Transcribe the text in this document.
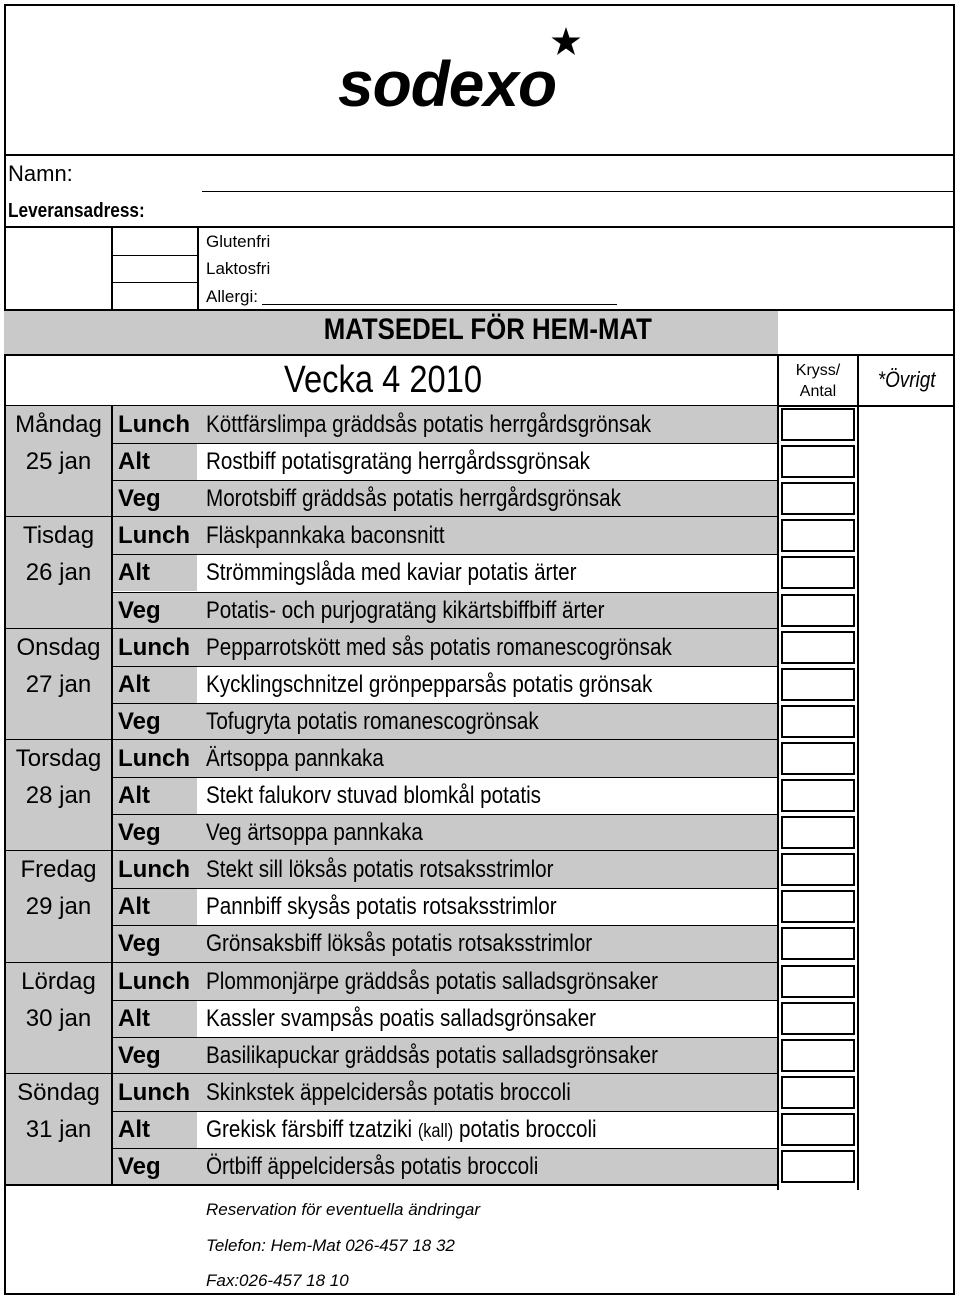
sodexo
Namn:
Leveransadress:
Glutenfri
Laktosfri
Allergi:
MATSEDEL FÖR HEM-MAT
Vecka 4 2010	Kryss/
Antal	*Övrigt
Måndag
25 jan
Lunch Köttfärslimpa gräddsås potatis herrgårdsgrönsak
Alt Rostbiff potatisgratäng herrgårdssgrönsak
Veg Morotsbiff gräddsås potatis herrgårdsgrönsak
Tisdag
26 jan
Lunch Fläskpannkaka baconsnitt
Alt Strömmingslåda med kaviar potatis ärter
Veg Potatis- och purjogratäng kikärtsbiffbiff ärter
Onsdag
27 jan
Lunch Pepparrotskött med sås potatis romanescogrönsak
Alt Kycklingschnitzel grönpepparsås potatis grönsak
Veg Tofugryta potatis romanescogrönsak
Torsdag
28 jan
Lunch Ärtsoppa pannkaka
Alt Stekt falukorv stuvad blomkål potatis
Veg Veg ärtsoppa pannkaka
Fredag
29 jan
Lunch Stekt sill löksås potatis rotsaksstrimlor
Alt Pannbiff skysås potatis rotsaksstrimlor
Veg Grönsaksbiff löksås potatis rotsaksstrimlor
Lördag
30 jan
Lunch Plommonjärpe gräddsås potatis salladsgrönsaker
Alt Kassler svampsås poatis salladsgrönsaker
Veg Basilikapuckar gräddsås potatis salladsgrönsaker
Söndag
31 jan
Lunch Skinkstek äppelcidersås potatis broccoli
Alt Grekisk färsbiff tzatziki (kall) potatis broccoli
Veg Örtbiff äppelcidersås potatis broccoli
Reservation för eventuella ändringar
Telefon: Hem-Mat 026-457 18 32
Fax:026-457 18 10
